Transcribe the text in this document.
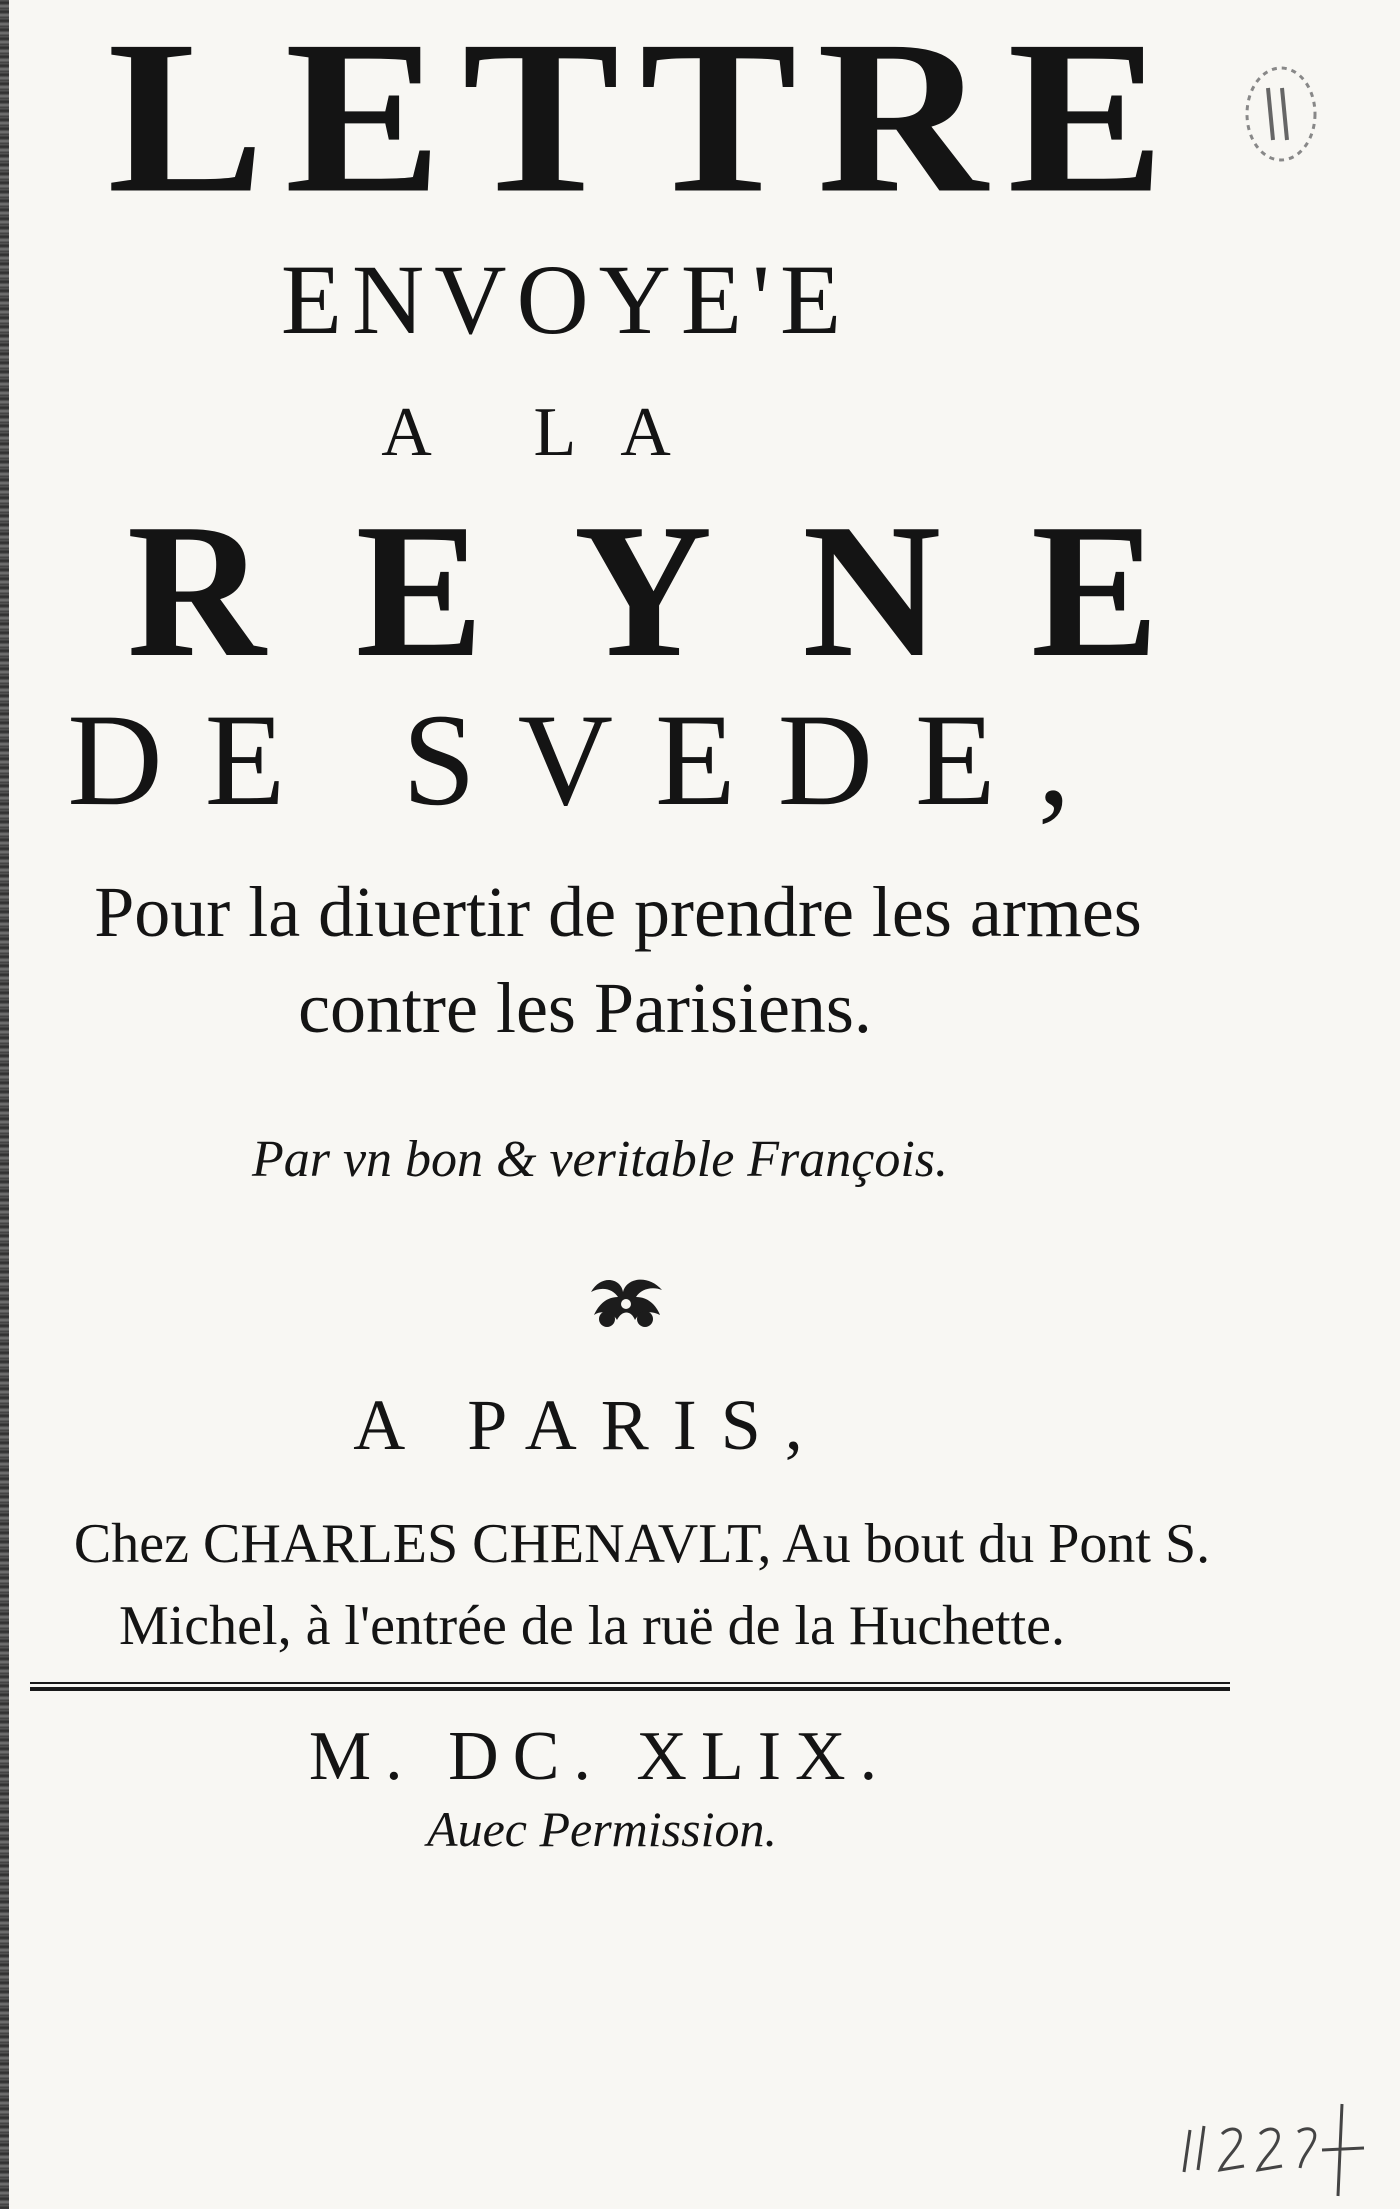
LETTRE
ENVOYE'E
A LA
REYNE
DE SVEDE,
Pour la diuertir de prendre les armes
contre les Parisiens.
Par vn bon & veritable François.
A PARIS,
Chez CHARLES CHENAVLT, Au bout du Pont S.
Michel, à l'entrée de la ruë de la Huchette.
M. DC. XLIX.
Auec Permission.
